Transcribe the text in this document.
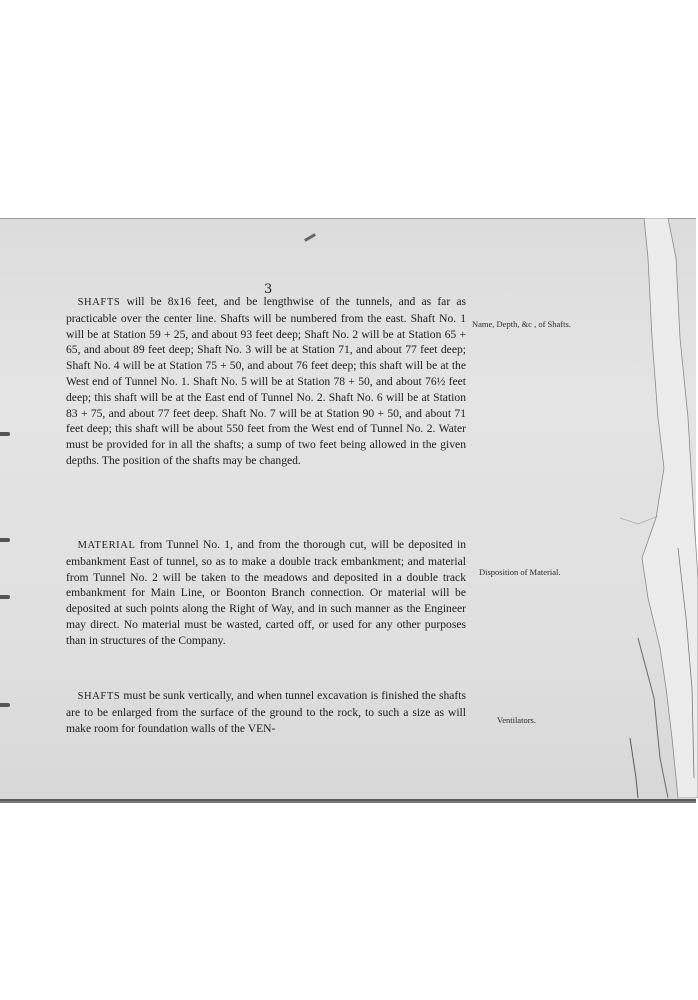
3

 SHAFTS will be 8x16 feet, and be lengthwise of the tunnels, and as far as practicable over the center line. Shafts will be numbered from the east. Shaft No. 1 will be at Station 59 + 25, and about 93 feet deep; Shaft No. 2 will be at Station 65 + 65, and about 89 feet deep; Shaft No. 3 will be at Station 71, and about 77 feet deep; Shaft No. 4 will be at Station 75 + 50, and about 76 feet deep; this shaft will be at the West end of Tunnel No. 1. Shaft No. 5 will be at Station 78 + 50, and about 76½ feet deep; this shaft will be at the East end of Tunnel No. 2. Shaft No. 6 will be at Station 83 + 75, and about 77 feet deep. Shaft No. 7 will be at Station 90 + 50, and about 71 feet deep; this shaft will be about 550 feet from the West end of Tunnel No. 2. Water must be provided for in all the shafts; a sump of two feet being allowed in the given depths. The position of the shafts may be changed.

Name, Depth, &c , of Shafts.

 MATERIAL from Tunnel No. 1, and from the thorough cut, will be deposited in embankment East of tunnel, so as to make a double track embankment; and material from Tunnel No. 2 will be taken to the meadows and deposited in a double track embankment for Main Line, or Boonton Branch connection. Or material will be deposited at such points along the Right of Way, and in such manner as the Engineer may direct. No material must be wasted, carted off, or used for any other purposes than in structures of the Company.

Disposition of Material.

 SHAFTS must be sunk vertically, and when tunnel excavation is finished the shafts are to be enlarged from the surface of the ground to the rock, to such a size as will make room for foundation walls of the VEN-

Ventilators.
